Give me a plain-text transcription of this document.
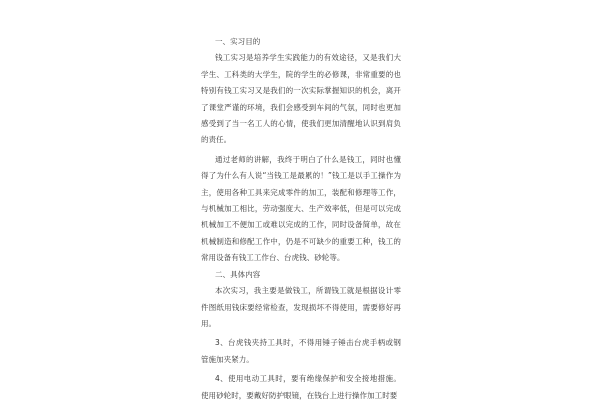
一、实习目的

钱工实习是培养学生实践能力的有效途径，又是我们大学生、工科类的大学生，院的学生的必修课，非常重要的也特别有钱工实习又是我们的一次实际掌握知识的机会，离开了课堂严谨的环境，我们会感受到车间的气氛，同时也更加感受到了当一名工人的心情，使我们更加清醒地认识到肩负的责任。

通过老师的讲解，我终于明白了什么是钱工，同时也懂得了为什么有人说“当钱工是最累的！”钱工是以手工操作为主，使用各种工具来完成零件的加工，装配和修理等工作，与机械加工相比，劳动强度大、生产效率低，但是可以完成机械加工不便加工或难以完成的工作，同时设备简单，故在机械制造和修配工作中，仍是不可缺少的重要工种，钱工的常用设备有钱工工作台、台虎钱、砂轮等。

二、具体内容

本次实习，我主要是做钱工，所谓钱工就是根据设计零件图纸用钱床要经常检查，发现损坏不得使用，需要修好再用。

3、台虎钱夹持工具时，不得用锤子锤击台虎手柄或钢管施加夹紧力。

4、使用电动工具时，要有绝缘保护和安全接地措施。使用砂轮时，要戴好防护眼镜，在钱台上进行操作加工时要
